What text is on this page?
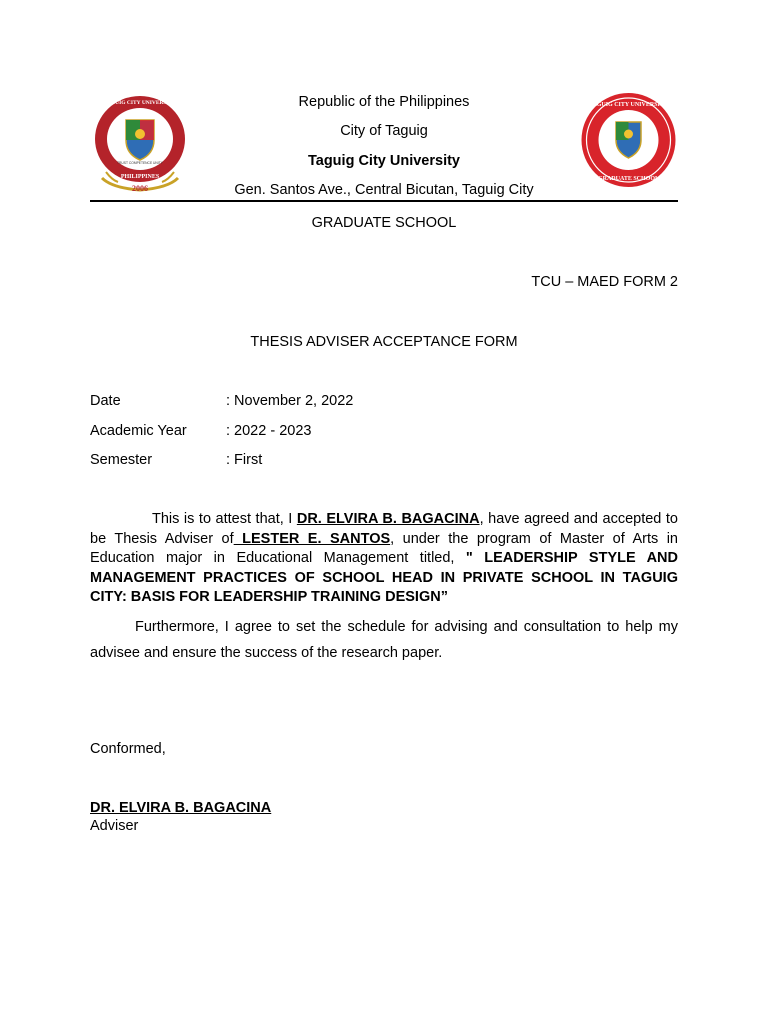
2006
TAGUIG CITY UNIVERSITY
PHILIPPINES
TRUST COMPETENCE UNITY
TAGUIG CITY UNIVERSITY
GRADUATE SCHOOL
Republic of the Philippines
City of Taguig
Taguig City University
Gen. Santos Ave., Central Bicutan, Taguig City
GRADUATE SCHOOL
TCU – MAED FORM 2
THESIS ADVISER ACCEPTANCE FORM
Date	: November 2, 2022
Academic Year	: 2022 - 2023
Semester	: First
This is to attest that, I DR. ELVIRA B. BAGACINA, have agreed and accepted to be Thesis Adviser of LESTER E. SANTOS, under the program of Master of Arts in Education major in Educational Management titled, " LEADERSHIP STYLE AND MANAGEMENT PRACTICES OF SCHOOL HEAD IN PRIVATE SCHOOL IN TAGUIG CITY: BASIS FOR LEADERSHIP TRAINING DESIGN”
Furthermore, I agree to set the schedule for advising and consultation to help my advisee and ensure the success of the research paper.
Conformed,
DR. ELVIRA B. BAGACINA
Adviser
